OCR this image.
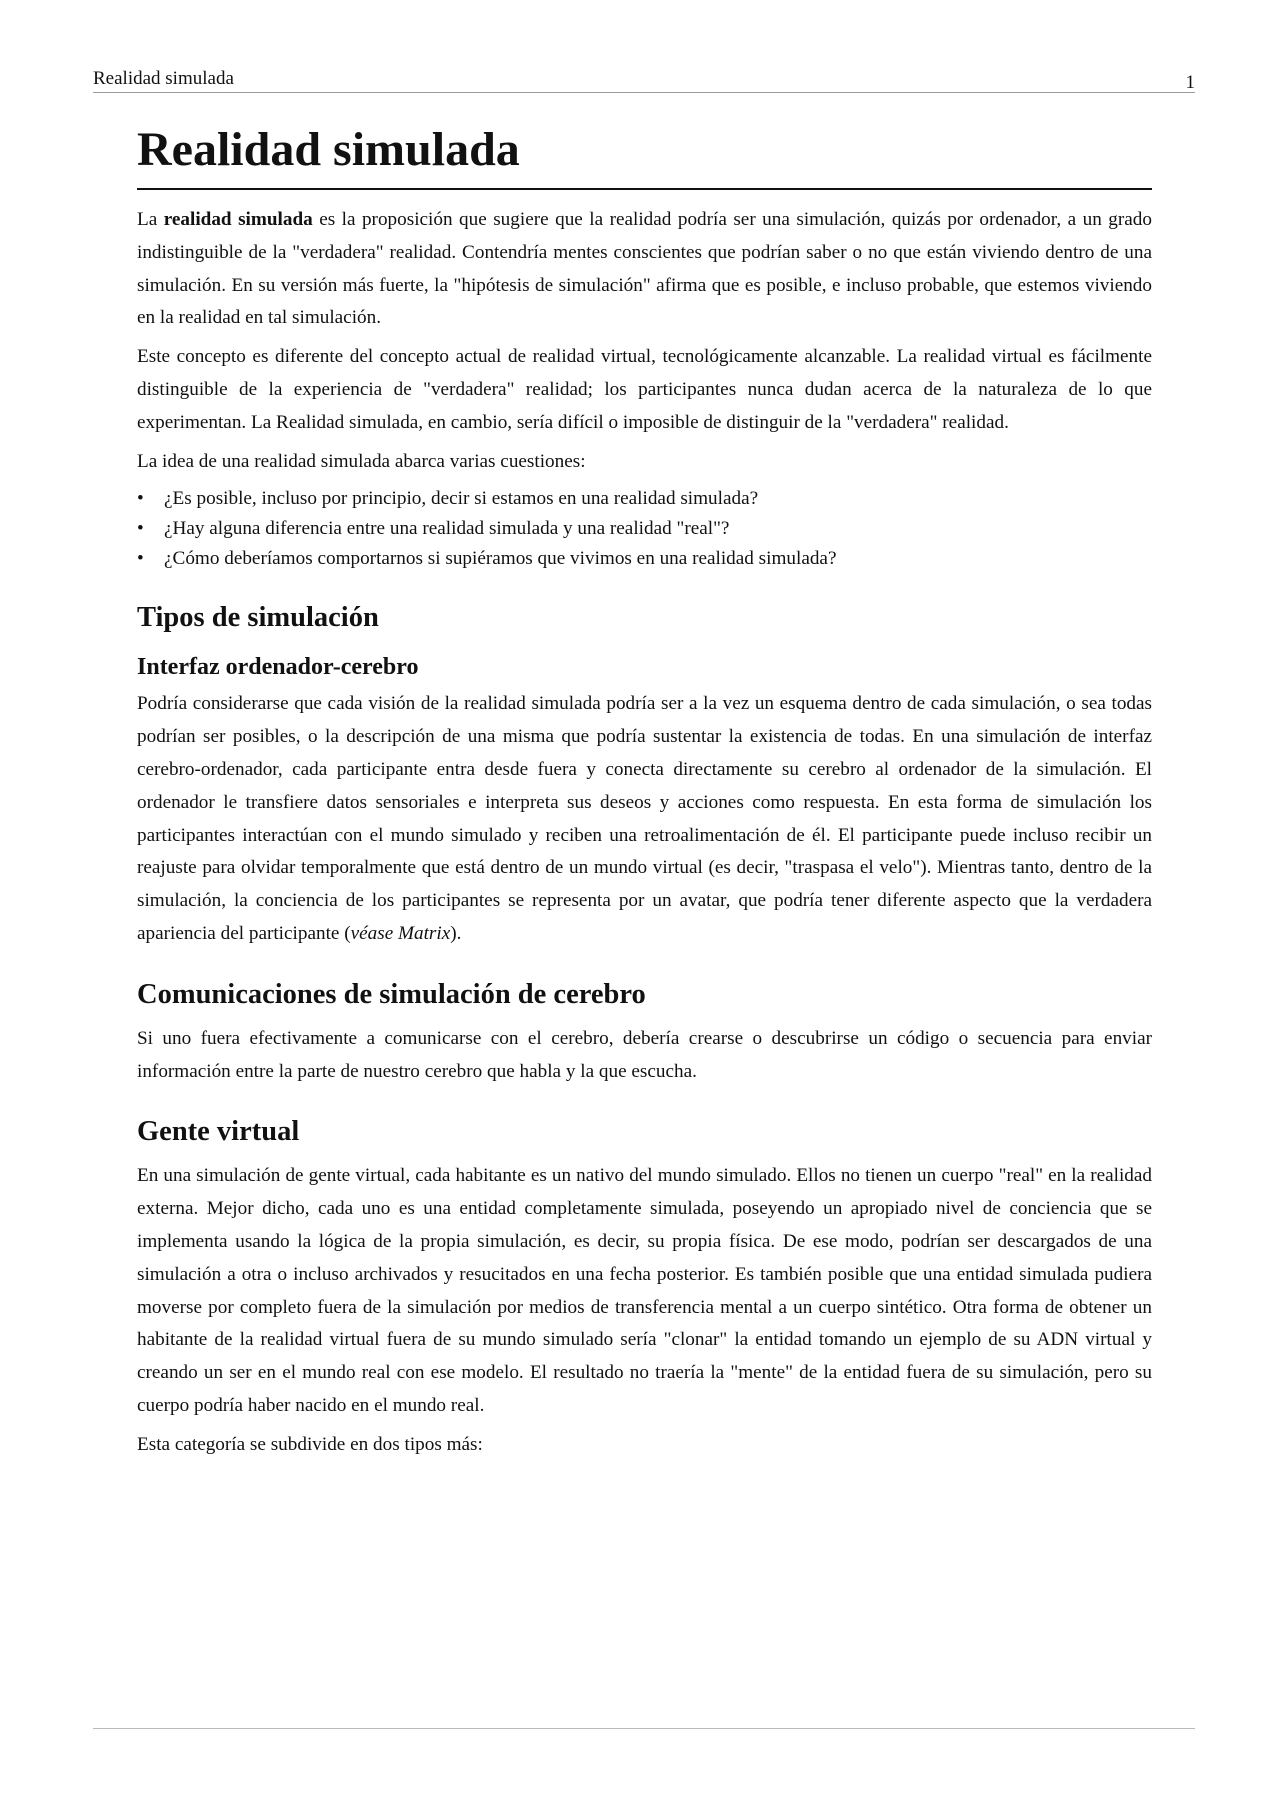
Realidad simulada	1
Realidad simulada

La realidad simulada es la proposición que sugiere que la realidad podría ser una simulación, quizás por ordenador, a un grado indistinguible de la "verdadera" realidad. Contendría mentes conscientes que podrían saber o no que están viviendo dentro de una simulación. En su versión más fuerte, la "hipótesis de simulación" afirma que es posible, e incluso probable, que estemos viviendo en la realidad en tal simulación.

Este concepto es diferente del concepto actual de realidad virtual, tecnológicamente alcanzable. La realidad virtual es fácilmente distinguible de la experiencia de "verdadera" realidad; los participantes nunca dudan acerca de la naturaleza de lo que experimentan. La Realidad simulada, en cambio, sería difícil o imposible de distinguir de la "verdadera" realidad.

La idea de una realidad simulada abarca varias cuestiones:

• ¿Es posible, incluso por principio, decir si estamos en una realidad simulada?
• ¿Hay alguna diferencia entre una realidad simulada y una realidad "real"?
• ¿Cómo deberíamos comportarnos si supiéramos que vivimos en una realidad simulada?
Tipos de simulación
Interfaz ordenador-cerebro

Podría considerarse que cada visión de la realidad simulada podría ser a la vez un esquema dentro de cada simulación, o sea todas podrían ser posibles, o la descripción de una misma que podría sustentar la existencia de todas. En una simulación de interfaz cerebro-ordenador, cada participante entra desde fuera y conecta directamente su cerebro al ordenador de la simulación. El ordenador le transfiere datos sensoriales e interpreta sus deseos y acciones como respuesta. En esta forma de simulación los participantes interactúan con el mundo simulado y reciben una retroalimentación de él. El participante puede incluso recibir un reajuste para olvidar temporalmente que está dentro de un mundo virtual (es decir, "traspasa el velo"). Mientras tanto, dentro de la simulación, la conciencia de los participantes se representa por un avatar, que podría tener diferente aspecto que la verdadera apariencia del participante (véase Matrix).

Comunicaciones de simulación de cerebro

Si uno fuera efectivamente a comunicarse con el cerebro, debería crearse o descubrirse un código o secuencia para enviar información entre la parte de nuestro cerebro que habla y la que escucha.

Gente virtual

En una simulación de gente virtual, cada habitante es un nativo del mundo simulado. Ellos no tienen un cuerpo "real" en la realidad externa. Mejor dicho, cada uno es una entidad completamente simulada, poseyendo un apropiado nivel de conciencia que se implementa usando la lógica de la propia simulación, es decir, su propia física. De ese modo, podrían ser descargados de una simulación a otra o incluso archivados y resucitados en una fecha posterior. Es también posible que una entidad simulada pudiera moverse por completo fuera de la simulación por medios de transferencia mental a un cuerpo sintético. Otra forma de obtener un habitante de la realidad virtual fuera de su mundo simulado sería "clonar" la entidad tomando un ejemplo de su ADN virtual y creando un ser en el mundo real con ese modelo. El resultado no traería la "mente" de la entidad fuera de su simulación, pero su cuerpo podría haber nacido en el mundo real.

Esta categoría se subdivide en dos tipos más:
